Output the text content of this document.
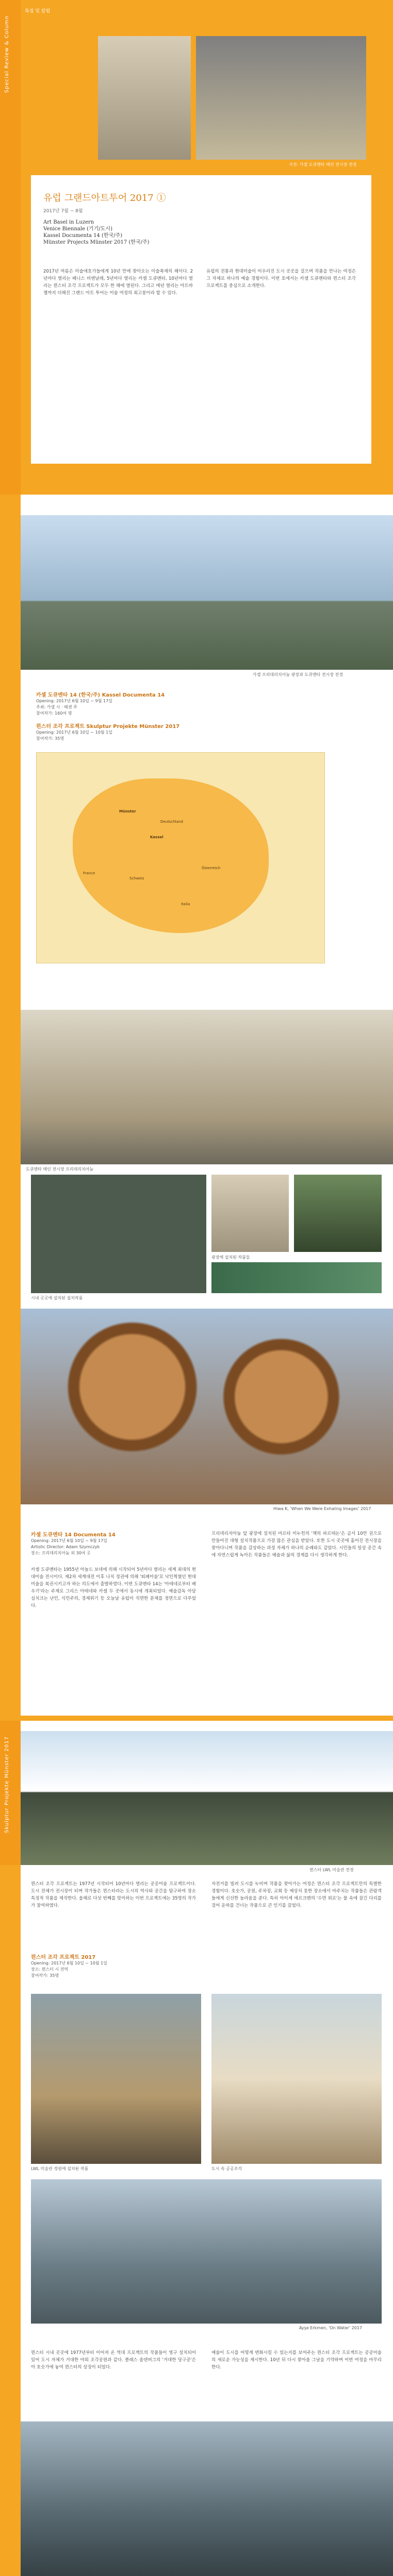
Special Review & Column
특집 및 칼럼
사진: 카셀 도큐멘타 메인 전시장 전경
유럽 그랜드아트투어 2017 ①
2017년 7월 ~ 8월
Art Basel in Luzern
Venice Biennale (기기/도시)
Kassel Documenta 14 (한국/주)
Münster Projects Münster 2017 (한국/주)
2017년 여름은 미술애호가들에게 10년 만에 찾아오는 미술축제의 해이다. 2년마다 열리는 베니스 비엔날레, 5년마다 열리는 카셀 도큐멘타, 10년마다 열리는 뮌스터 조각 프로젝트가 모두 한 해에 열린다. 그리고 매년 열리는 아트바젤까지 더해진 그랜드 아트 투어는 미술 여정의 최고봉이라 할 수 있다.
유럽의 전통과 현대미술이 어우러진 도시 곳곳을 걸으며 작품을 만나는 여정은 그 자체로 하나의 예술 경험이다. 이번 호에서는 카셀 도큐멘타와 뮌스터 조각 프로젝트를 중심으로 소개한다.
카셀 프리데리치아눔 광장과 도큐멘타 전시장 전경
카셀 도큐멘타 14 (한국/주) Kassel Documenta 14
Opening: 2017년 6월 10일 ~ 9월 17일
주최: 카셀 시 · 헤센 주
참여작가: 160여 명
뮌스터 조각 프로젝트 Skulptur Projekte Münster 2017
Opening: 2017년 6월 10일 ~ 10월 1일
참여작가: 35명
Deutschland
Kassel
Münster
Italia
Schweiz
Österreich
France
도큐멘타 메인 전시장 프리데리치아눔
광장에 설치된 작품들
시내 곳곳에 설치된 설치작품
Hiwa K, 'When We Were Exhaling Images' 2017
카셀 도큐멘타 14 Documenta 14
Opening: 2017년 6월 10일 ~ 9월 17일
Artistic Director: Adam Szymczyk
장소: 프리데리치아눔 외 30여 곳
카셀 도큐멘타는 1955년 아놀드 보데에 의해 시작되어 5년마다 열리는 세계 최대의 현대미술 전시이다. 제2차 세계대전 이후 나치 정권에 의해 '퇴폐미술'로 낙인찍혔던 현대미술을 복권시키고자 하는 의도에서 출발하였다. 이번 도큐멘타 14는 '아테네로부터 배우기'라는 주제로 그리스 아테네와 카셀 두 곳에서 동시에 개최되었다. 예술감독 아담 심치크는 난민, 식민주의, 경제위기 등 오늘날 유럽이 직면한 문제를 정면으로 다루었다.
프리데리치아눔 앞 광장에 설치된 마르타 미누힌의 '책의 파르테논'은 금서 10만 권으로 만들어진 대형 설치작품으로 가장 많은 관심을 받았다. 또한 도시 곳곳에 흩어진 전시장을 찾아다니며 작품을 감상하는 과정 자체가 하나의 순례와도 같았다. 시민들의 일상 공간 속에 자연스럽게 녹아든 작품들은 예술과 삶의 경계를 다시 생각하게 한다.
Skulptur Projekte Münster 2017
뮌스터 LWL 미술관 전경
뮌스터 조각 프로젝트는 1977년 시작되어 10년마다 열리는 공공미술 프로젝트이다. 도시 전체가 전시장이 되며 작가들은 뮌스터라는 도시의 역사와 공간을 탐구하여 장소특정적 작품을 제작한다. 올해로 다섯 번째를 맞이하는 이번 프로젝트에는 35명의 작가가 참여하였다.
자전거를 빌려 도시를 누비며 작품을 찾아가는 여정은 뮌스터 조각 프로젝트만의 특별한 경험이다. 호숫가, 공원, 주차장, 교회 등 예상치 못한 장소에서 마주치는 작품들은 관람객들에게 신선한 놀라움을 준다. 특히 아이셰 에르크멘의 '수면 위로'는 물 속에 잠긴 다리를 걸어 운하를 건너는 작품으로 큰 인기를 끌었다.
뮌스터 조각 프로젝트 2017
Opening: 2017년 6월 10일 ~ 10월 1일
장소: 뮌스터 시 전역
참여작가: 35명
LWL 미술관 정원에 설치된 작품	도시 속 공공조각
Ayşe Erkmen, 'On Water' 2017
뮌스터 시내 곳곳에 1977년부터 이어져 온 역대 프로젝트의 작품들이 영구 설치되어 있어 도시 자체가 거대한 야외 조각공원과 같다. 클래스 올덴버그의 '거대한 당구공'은 아 호숫가에 놓여 뮌스터의 상징이 되었다.
예술이 도시를 어떻게 변화시킬 수 있는지를 보여주는 뮌스터 조각 프로젝트는 공공미술의 새로운 가능성을 제시한다. 10년 뒤 다시 찾아올 그날을 기약하며 이번 여정을 마무리한다.
